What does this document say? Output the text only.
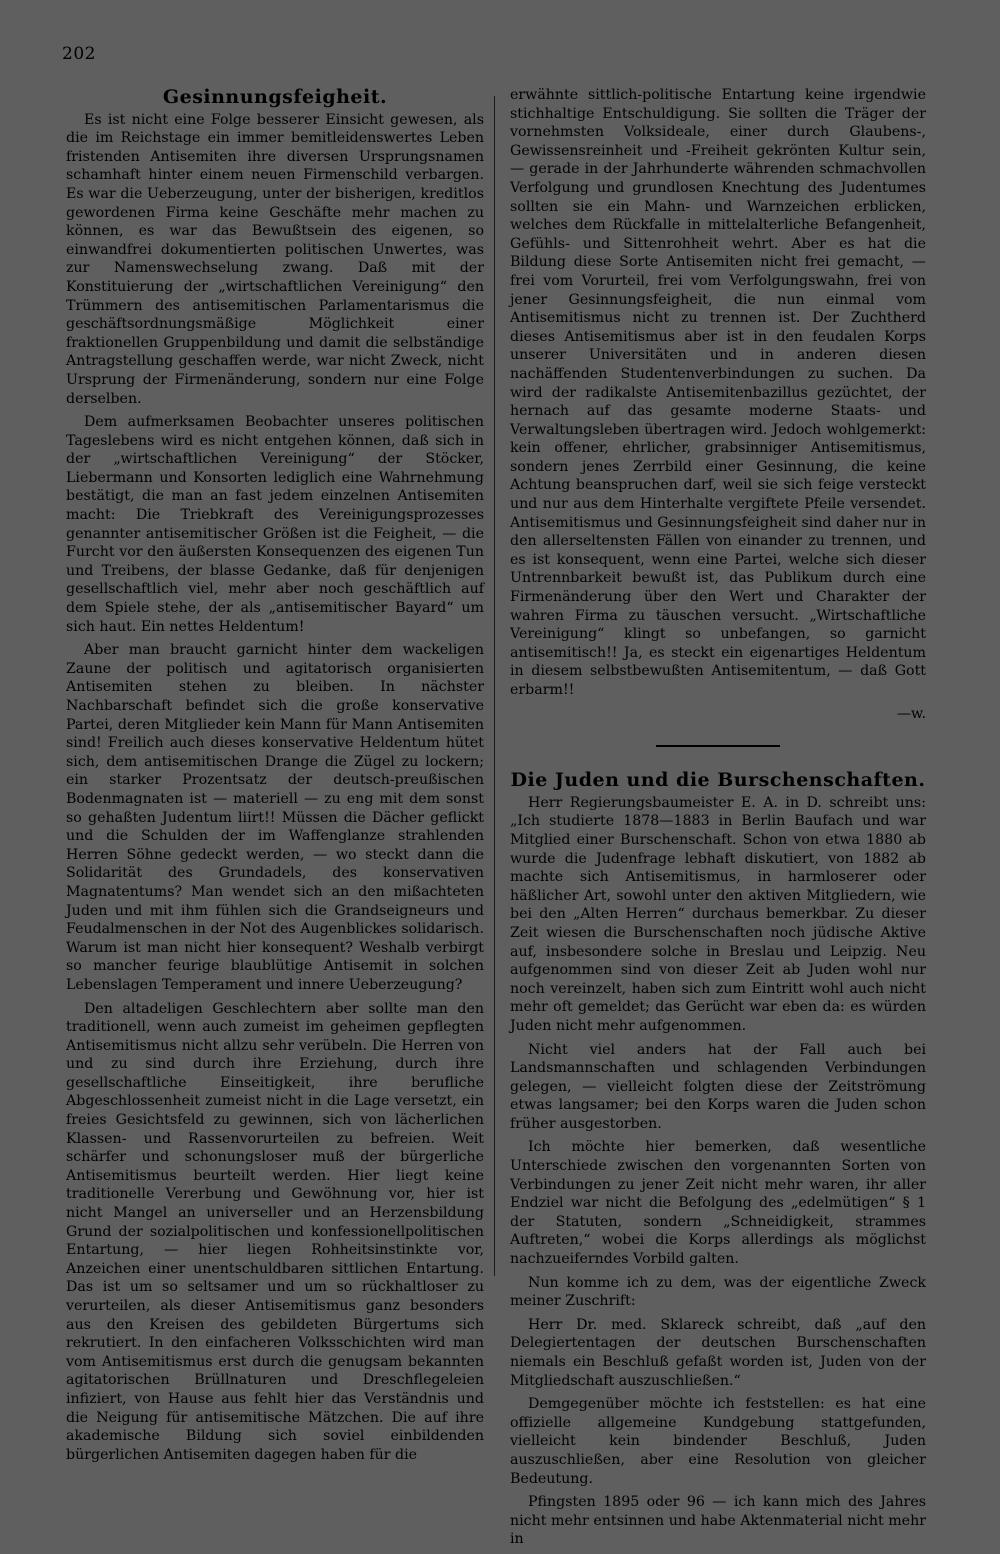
202
Gesinnungsfeigheit.

Es ist nicht eine Folge besserer Einsicht gewesen, als die im Reichstage ein immer bemitleidenswertes Leben fristenden Antisemiten ihre diversen Ursprungsnamen schamhaft hinter einem neuen Firmenschild verbargen. Es war die Ueberzeugung, unter der bisherigen, kreditlos gewordenen Firma keine Geschäfte mehr machen zu können, es war das Bewußtsein des eigenen, so einwandfrei dokumentierten politischen Unwertes, was zur Namenswechselung zwang. Daß mit der Konstituierung der „wirtschaftlichen Vereinigung“ den Trümmern des antisemitischen Parlamentarismus die geschäftsordnungsmäßige Möglichkeit einer fraktionellen Gruppenbildung und damit die selbständige Antragstellung geschaffen werde, war nicht Zweck, nicht Ursprung der Firmenänderung, sondern nur eine Folge derselben.

Dem aufmerksamen Beobachter unseres politischen Tageslebens wird es nicht entgehen können, daß sich in der „wirtschaftlichen Vereinigung“ der Stöcker, Liebermann und Konsorten lediglich eine Wahrnehmung bestätigt, die man an fast jedem einzelnen Antisemiten macht: Die Triebkraft des Vereinigungsprozesses genannter antisemitischer Größen ist die Feigheit, — die Furcht vor den äußersten Konsequenzen des eigenen Tun und Treibens, der blasse Gedanke, daß für denjenigen gesellschaftlich viel, mehr aber noch geschäftlich auf dem Spiele stehe, der als „antisemitischer Bayard“ um sich haut. Ein nettes Heldentum!

Aber man braucht garnicht hinter dem wackeligen Zaune der politisch und agitatorisch organisierten Antisemiten stehen zu bleiben. In nächster Nachbarschaft befindet sich die große konservative Partei, deren Mitglieder kein Mann für Mann Antisemiten sind! Freilich auch dieses konservative Heldentum hütet sich, dem antisemitischen Drange die Zügel zu lockern; ein starker Prozentsatz der deutsch-preußischen Bodenmagnaten ist — materiell — zu eng mit dem sonst so gehaßten Judentum liirt!! Müssen die Dächer geflickt und die Schulden der im Waffenglanze strahlenden Herren Söhne gedeckt werden, — wo steckt dann die Solidarität des Grundadels, des konservativen Magnatentums? Man wendet sich an den mißachteten Juden und mit ihm fühlen sich die Grandseigneurs und Feudalmenschen in der Not des Augenblickes solidarisch. Warum ist man nicht hier konsequent? Weshalb verbirgt so mancher feurige blaublütige Antisemit in solchen Lebenslagen Temperament und innere Ueberzeugung?

Den altadeligen Geschlechtern aber sollte man den traditionell, wenn auch zumeist im geheimen gepflegten Antisemitismus nicht allzu sehr verübeln. Die Herren von und zu sind durch ihre Erziehung, durch ihre gesellschaftliche Einseitigkeit, ihre berufliche Abgeschlossenheit zumeist nicht in die Lage versetzt, ein freies Gesichtsfeld zu gewinnen, sich von lächerlichen Klassen- und Rassenvorurteilen zu befreien. Weit schärfer und schonungsloser muß der bürgerliche Antisemitismus beurteilt werden. Hier liegt keine traditionelle Vererbung und Gewöhnung vor, hier ist nicht Mangel an universeller und an Herzensbildung Grund der sozialpolitischen und konfessionellpolitischen Entartung, — hier liegen Rohheitsinstinkte vor, Anzeichen einer unentschuldbaren sittlichen Entartung. Das ist um so seltsamer und um so rückhaltloser zu verurteilen, als dieser Antisemitismus ganz besonders aus den Kreisen des gebildeten Bürgertums sich rekrutiert. In den einfacheren Volksschichten wird man vom Antisemitismus erst durch die genugsam bekannten agitatorischen Brüllnaturen und Dreschflegeleien infiziert, von Hause aus fehlt hier das Verständnis und die Neigung für antisemitische Mätzchen. Die auf ihre akademische Bildung sich soviel einbildenden bürgerlichen Antisemiten dagegen haben für die

erwähnte sittlich-politische Entartung keine irgendwie stichhaltige Entschuldigung. Sie sollten die Träger der vornehmsten Volksideale, einer durch Glaubens-, Gewissensreinheit und -Freiheit gekrönten Kultur sein, — gerade in der Jahrhunderte währenden schmachvollen Verfolgung und grundlosen Knechtung des Judentumes sollten sie ein Mahn- und Warnzeichen erblicken, welches dem Rückfalle in mittelalterliche Befangenheit, Gefühls- und Sittenrohheit wehrt. Aber es hat die Bildung diese Sorte Antisemiten nicht frei gemacht, — frei vom Vorurteil, frei vom Verfolgungswahn, frei von jener Gesinnungsfeigheit, die nun einmal vom Antisemitismus nicht zu trennen ist. Der Zuchtherd dieses Antisemitismus aber ist in den feudalen Korps unserer Universitäten und in anderen diesen nachäffenden Studentenverbindungen zu suchen. Da wird der radikalste Antisemitenbazillus gezüchtet, der hernach auf das gesamte moderne Staats- und Verwaltungsleben übertragen wird. Jedoch wohlgemerkt: kein offener, ehrlicher, grabsinniger Antisemitismus, sondern jenes Zerrbild einer Gesinnung, die keine Achtung beanspruchen darf, weil sie sich feige versteckt und nur aus dem Hinterhalte vergiftete Pfeile versendet. Antisemitismus und Gesinnungsfeigheit sind daher nur in den allerseltensten Fällen von einander zu trennen, und es ist konsequent, wenn eine Partei, welche sich dieser Untrennbarkeit bewußt ist, das Publikum durch eine Firmenänderung über den Wert und Charakter der wahren Firma zu täuschen versucht. „Wirtschaftliche Vereinigung“ klingt so unbefangen, so garnicht antisemitisch!! Ja, es steckt ein eigenartiges Heldentum in diesem selbstbewußten Antisemitentum, — daß Gott erbarm!!

—w.
Die Juden und die Burschenschaften.

Herr Regierungsbaumeister E. A. in D. schreibt uns: „Ich studierte 1878—1883 in Berlin Baufach und war Mitglied einer Burschenschaft. Schon von etwa 1880 ab wurde die Judenfrage lebhaft diskutiert, von 1882 ab machte sich Antisemitismus, in harmloserer oder häßlicher Art, sowohl unter den aktiven Mitgliedern, wie bei den „Alten Herren“ durchaus bemerkbar. Zu dieser Zeit wiesen die Burschenschaften noch jüdische Aktive auf, insbesondere solche in Breslau und Leipzig. Neu aufgenommen sind von dieser Zeit ab Juden wohl nur noch vereinzelt, haben sich zum Eintritt wohl auch nicht mehr oft gemeldet; das Gerücht war eben da: es würden Juden nicht mehr aufgenommen.

Nicht viel anders hat der Fall auch bei Landsmannschaften und schlagenden Verbindungen gelegen, — vielleicht folgten diese der Zeitströmung etwas langsamer; bei den Korps waren die Juden schon früher ausgestorben.

Ich möchte hier bemerken, daß wesentliche Unterschiede zwischen den vorgenannten Sorten von Verbindungen zu jener Zeit nicht mehr waren, ihr aller Endziel war nicht die Befolgung des „edelmütigen“ § 1 der Statuten, sondern „Schneidigkeit, strammes Auftreten,“ wobei die Korps allerdings als möglichst nachzueiferndes Vorbild galten.

Nun komme ich zu dem, was der eigentliche Zweck meiner Zuschrift:

Herr Dr. med. Sklareck schreibt, daß „auf den Delegiertentagen der deutschen Burschenschaften niemals ein Beschluß gefaßt worden ist, Juden von der Mitgliedschaft auszuschließen.“

Demgegenüber möchte ich feststellen: es hat eine offizielle allgemeine Kundgebung stattgefunden, vielleicht kein bindender Beschluß, Juden auszuschließen, aber eine Resolution von gleicher Bedeutung.

Pfingsten 1895 oder 96 — ich kann mich des Jahres nicht mehr entsinnen und habe Aktenmaterial nicht mehr in
